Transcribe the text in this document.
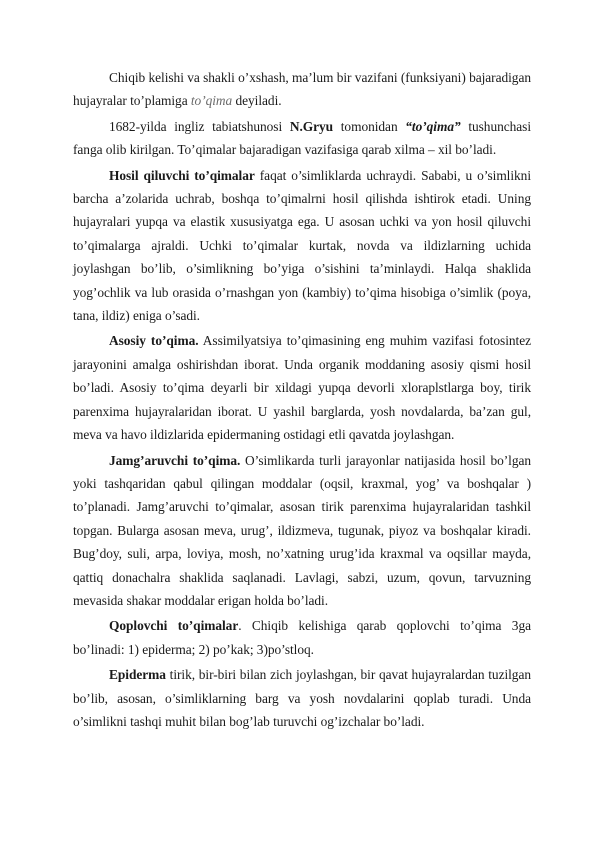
Chiqib kelishi va shakli o’xshash, ma’lum bir vazifani (funksiyani) bajaradigan hujayralar to’plamiga to’qima deyiladi.

1682-yilda ingliz tabiatshunosi N.Gryu tomonidan “to’qima” tushunchasi fanga olib kirilgan. To’qimalar bajaradigan vazifasiga qarab xilma – xil bo’ladi.

Hosil qiluvchi to’qimalar faqat o’simliklarda uchraydi. Sababi, u o’simlikni barcha a’zolarida uchrab, boshqa to’qimalrni hosil qilishda ishtirok etadi. Uning hujayralari yupqa va elastik xususiyatga ega. U asosan uchki va yon hosil qiluvchi to’qimalarga ajraldi. Uchki to’qimalar kurtak, novda va ildizlarning uchida joylashgan bo’lib, o’simlikning bo’yiga o’sishini ta’minlaydi. Halqa shaklida yog’ochlik va lub orasida o’rnashgan yon (kambiy) to’qima hisobiga o’simlik (poya, tana, ildiz) eniga o’sadi.

Asosiy to’qima. Assimilyatsiya to’qimasining eng muhim vazifasi fotosintez jarayonini amalga oshirishdan iborat. Unda organik moddaning asosiy qismi hosil bo’ladi. Asosiy to’qima deyarli bir xildagi yupqa devorli xloraplstlarga boy, tirik parenxima hujayralaridan iborat. U yashil barglarda, yosh novdalarda, ba’zan gul, meva va havo ildizlarida epidermaning ostidagi etli qavatda joylashgan.

Jamg’aruvchi to’qima. O’simlikarda turli jarayonlar natijasida hosil bo’lgan yoki tashqaridan qabul qilingan moddalar (oqsil, kraxmal, yog’ va boshqalar ) to’planadi. Jamg’aruvchi to’qimalar, asosan tirik parenxima hujayralaridan tashkil topgan. Bularga asosan meva, urug’, ildizmeva, tugunak, piyoz va boshqalar kiradi. Bug’doy, suli, arpa, loviya, mosh, no’xatning urug’ida kraxmal va oqsillar mayda, qattiq donachalra shaklida saqlanadi. Lavlagi, sabzi, uzum, qovun, tarvuzning mevasida shakar moddalar erigan holda bo’ladi.

Qoplovchi to’qimalar. Chiqib kelishiga qarab qoplovchi to’qima 3ga bo’linadi: 1) epiderma; 2) po’kak; 3)po’stloq.

Epiderma tirik, bir-biri bilan zich joylashgan, bir qavat hujayralardan tuzilgan bo’lib, asosan, o’simliklarning barg va yosh novdalarini qoplab turadi. Unda o’simlikni tashqi muhit bilan bog’lab turuvchi og’izchalar bo’ladi.
